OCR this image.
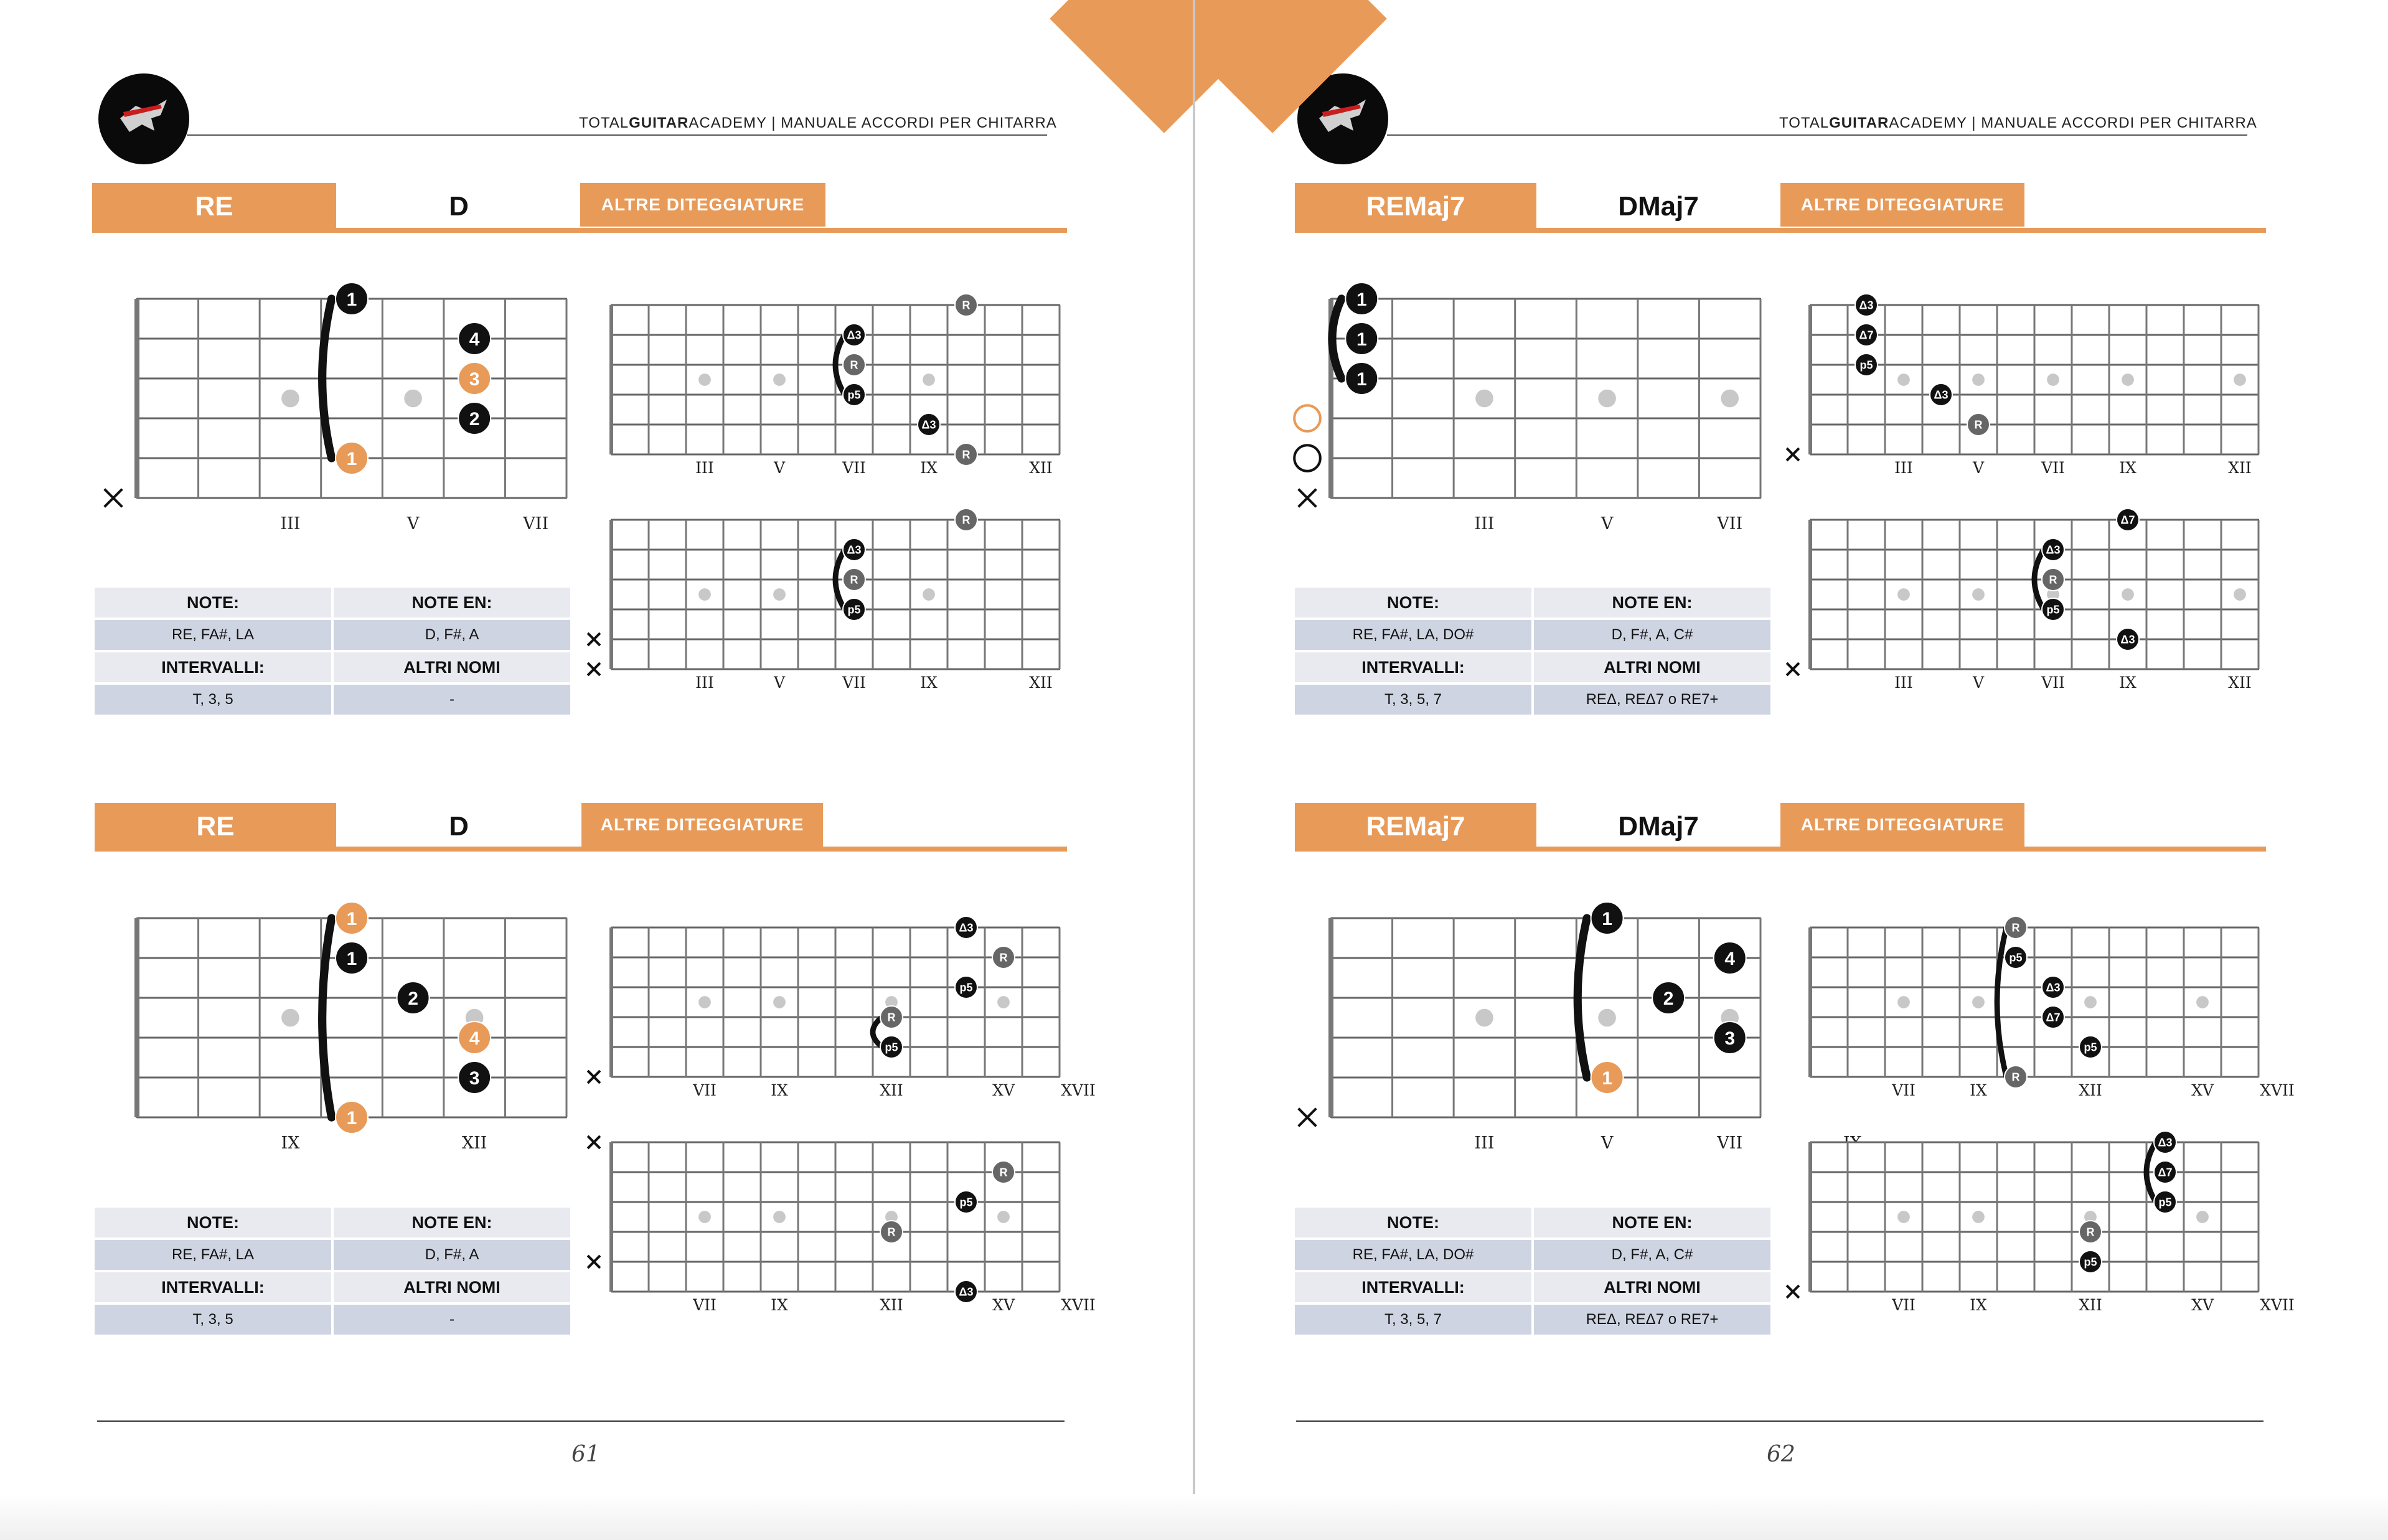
TOTALGUITARACADEMY | MANUALE ACCORDI PER CHITARRA
RE	D	ALTRE DITEGGIATURE
III	V	VII
1
4
3
2
1	III	V	VII	IX	XII
R
Δ3
R
p5
Δ3
R
III	V	VII	IX	XII
R
Δ3
R
p5
NOTE:	NOTE EN:
RE, FA#, LA	D, F#, A
INTERVALLI:	ALTRI NOMI
T, 3, 5	-
RE	D	ALTRE DITEGGIATURE
IX	XII
1
1
2
4
3
1
VII	IX	XII	XV	XVII
Δ3
R
p5
R
p5
VII	IX	XII	XV	XVII
R
p5
R
Δ3
NOTE:	NOTE EN:
RE, FA#, LA	D, F#, A
INTERVALLI:	ALTRI NOMI
T, 3, 5	-
61
TOTALGUITARACADEMY | MANUALE ACCORDI PER CHITARRA
REMaj7	DMaj7	ALTRE DITEGGIATURE
III	V	VII
1
1
1
III	V	VII	IX	XII
Δ3
Δ7
p5
Δ3
R
III	V	VII	IX	XII
Δ7
Δ3
R
p5
Δ3
NOTE:	NOTE EN:
RE, FA#, LA, DO#	D, F#, A, C#
INTERVALLI:	ALTRI NOMI
T, 3, 5, 7	REΔ, REΔ7 o RE7+
REMaj7	DMaj7	ALTRE DITEGGIATURE
III	V	VII
1
4
2
3
1
VII	IX	XII	XV	XVII
R
p5
Δ3
Δ7
p5
R
VII	IX	XII	XV	XVII
Δ3
Δ7
p5
R
p5
NOTE:	NOTE EN:
RE, FA#, LA, DO#	D, F#, A, C#
INTERVALLI:	ALTRI NOMI
T, 3, 5, 7	REΔ, REΔ7 o RE7+
62
